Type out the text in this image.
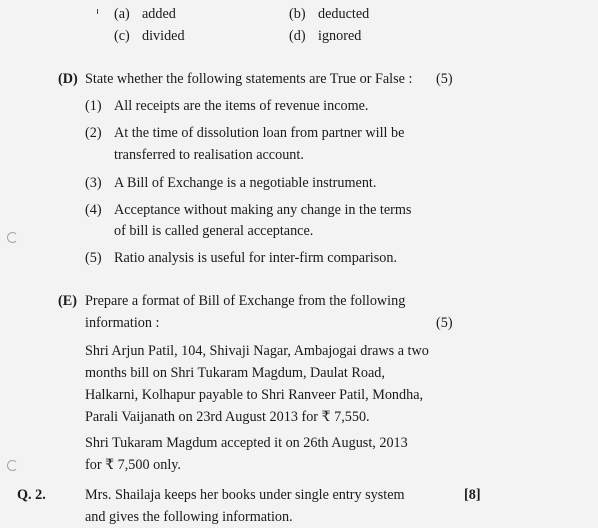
(a) added	(b) deducted
(c) divided	(d) ignored
(D) State whether the following statements are True or False : (5)
(1) All receipts are the items of revenue income.
(2) At the time of dissolution loan from partner will be
transferred to realisation account.
(3) A Bill of Exchange is a negotiable instrument.
(4) Acceptance without making any change in the terms
of bill is called general acceptance.
(5) Ratio analysis is useful for inter-firm comparison.
(E) Prepare a format of Bill of Exchange from the following
information :	(5)
Shri Arjun Patil, 104, Shivaji Nagar, Ambajogai draws a two
months bill on Shri Tukaram Magdum, Daulat Road,
Halkarni, Kolhapur payable to Shri Ranveer Patil, Mondha,
Parali Vaijanath on 23rd August 2013 for ₹ 7,550.
Shri Tukaram Magdum accepted it on 26th August, 2013
for ₹ 7,500 only.
Q. 2.	Mrs. Shailaja keeps her books under single entry system
and gives the following information.
[8]
